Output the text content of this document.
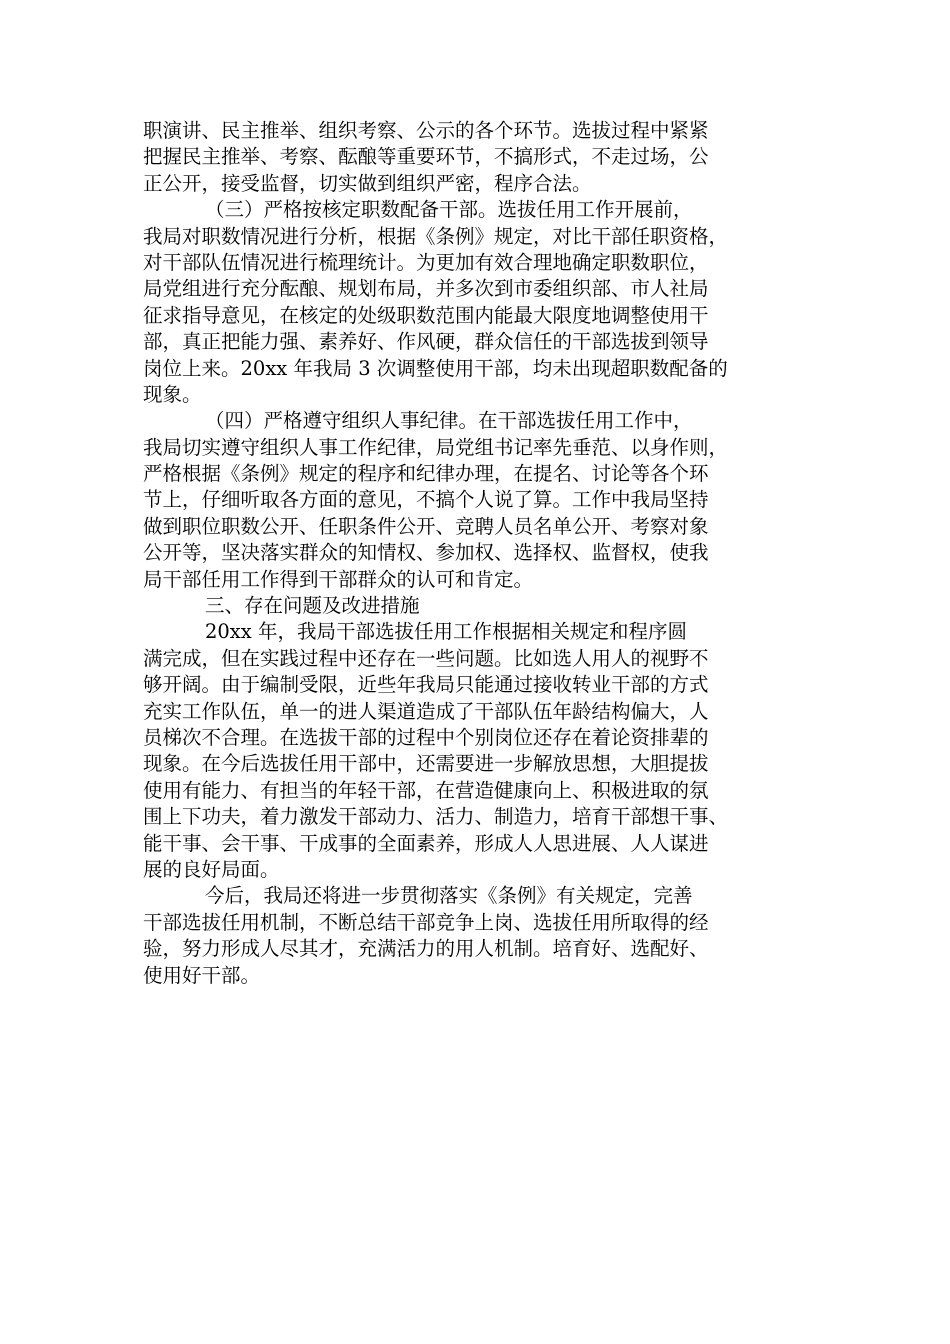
职演讲、民主推举、组织考察、公示的各个环节。选拔过程中紧紧
把握民主推举、考察、酝酿等重要环节，不搞形式，不走过场，公
正公开，接受监督，切实做到组织严密，程序合法。
（三）严格按核定职数配备干部。选拔任用工作开展前，
我局对职数情况进行分析，根据《条例》规定，对比干部任职资格，
对干部队伍情况进行梳理统计。为更加有效合理地确定职数职位，
局党组进行充分酝酿、规划布局，并多次到市委组织部、市人社局
征求指导意见，在核定的处级职数范围内能最大限度地调整使用干
部，真正把能力强、素养好、作风硬，群众信任的干部选拔到领导
岗位上来。20xx 年我局 3 次调整使用干部，均未出现超职数配备的
现象。
（四）严格遵守组织人事纪律。在干部选拔任用工作中，
我局切实遵守组织人事工作纪律，局党组书记率先垂范、以身作则，
严格根据《条例》规定的程序和纪律办理，在提名、讨论等各个环
节上，仔细听取各方面的意见，不搞个人说了算。工作中我局坚持
做到职位职数公开、任职条件公开、竞聘人员名单公开、考察对象
公开等，坚决落实群众的知情权、参加权、选择权、监督权，使我
局干部任用工作得到干部群众的认可和肯定。
三、存在问题及改进措施
20xx 年，我局干部选拔任用工作根据相关规定和程序圆
满完成，但在实践过程中还存在一些问题。比如选人用人的视野不
够开阔。由于编制受限，近些年我局只能通过接收转业干部的方式
充实工作队伍，单一的进人渠道造成了干部队伍年龄结构偏大，人
员梯次不合理。在选拔干部的过程中个别岗位还存在着论资排辈的
现象。在今后选拔任用干部中，还需要进一步解放思想，大胆提拔
使用有能力、有担当的年轻干部，在营造健康向上、积极进取的氛
围上下功夫，着力激发干部动力、活力、制造力，培育干部想干事、
能干事、会干事、干成事的全面素养，形成人人思进展、人人谋进
展的良好局面。
今后，我局还将进一步贯彻落实《条例》有关规定，完善
干部选拔任用机制，不断总结干部竞争上岗、选拔任用所取得的经
验，努力形成人尽其才，充满活力的用人机制。培育好、选配好、
使用好干部。
